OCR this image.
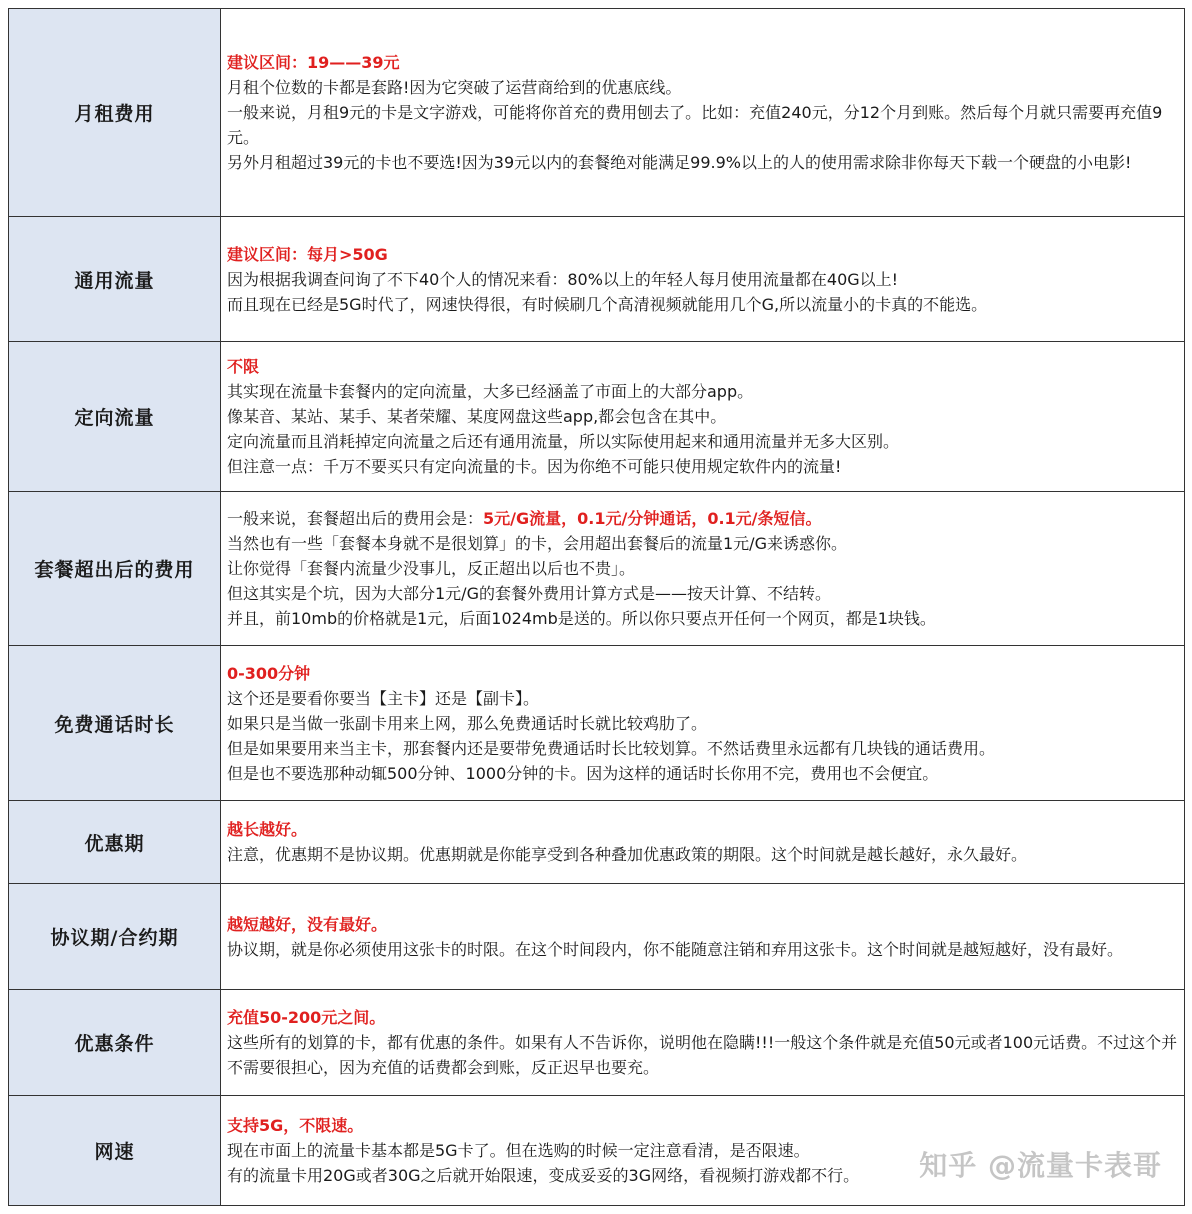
月租费用

建议区间：19——39元

月租个位数的卡都是套路!因为它突破了运营商给到的优惠底线。

一般来说，月租9元的卡是文字游戏，可能将你首充的费用刨去了。比如：充值240元，分12个月到账。然后每个月就只需要再充值9元。

另外月租超过39元的卡也不要选!因为39元以内的套餐绝对能满足99.9%以上的人的使用需求除非你每天下载一个硬盘的小电影!

通用流量

建议区间：每月>50G

因为根据我调查问询了不下40个人的情况来看：80%以上的年轻人每月使用流量都在40G以上!

而且现在已经是5G时代了，网速快得很，有时候刷几个高清视频就能用几个G,所以流量小的卡真的不能选。

定向流量

不限

其实现在流量卡套餐内的定向流量，大多已经涵盖了市面上的大部分app。

像某音、某站、某手、某者荣耀、某度网盘这些app,都会包含在其中。

定向流量而且消耗掉定向流量之后还有通用流量，所以实际使用起来和通用流量并无多大区别。

但注意一点：千万不要买只有定向流量的卡。因为你绝不可能只使用规定软件内的流量!

套餐超出后的费用

一般来说，套餐超出后的费用会是：5元/G流量，0.1元/分钟通话，0.1元/条短信。

当然也有一些「套餐本身就不是很划算」的卡，会用超出套餐后的流量1元/G来诱惑你。

让你觉得「套餐内流量少没事儿，反正超出以后也不贵」。

但这其实是个坑，因为大部分1元/G的套餐外费用计算方式是——按天计算、不结转。

并且，前10mb的价格就是1元，后面1024mb是送的。所以你只要点开任何一个网页，都是1块钱。

免费通话时长

0-300分钟

这个还是要看你要当【主卡】还是【副卡】。

如果只是当做一张副卡用来上网，那么免费通话时长就比较鸡肋了。

但是如果要用来当主卡，那套餐内还是要带免费通话时长比较划算。不然话费里永远都有几块钱的通话费用。

但是也不要选那种动辄500分钟、1000分钟的卡。因为这样的通话时长你用不完，费用也不会便宜。

优惠期

越长越好。

注意，优惠期不是协议期。优惠期就是你能享受到各种叠加优惠政策的期限。这个时间就是越长越好，永久最好。

协议期/合约期

越短越好，没有最好。

协议期，就是你必须使用这张卡的时限。在这个时间段内，你不能随意注销和弃用这张卡。这个时间就是越短越好，没有最好。

优惠条件

充值50-200元之间。

这些所有的划算的卡，都有优惠的条件。如果有人不告诉你，说明他在隐瞒!!!一般这个条件就是充值50元或者100元话费。不过这个并不需要很担心，因为充值的话费都会到账，反正迟早也要充。

网速

支持5G，不限速。

现在市面上的流量卡基本都是5G卡了。但在选购的时候一定注意看清，是否限速。

有的流量卡用20G或者30G之后就开始限速，变成妥妥的3G网络，看视频打游戏都不行。	知乎 @流量卡表哥
